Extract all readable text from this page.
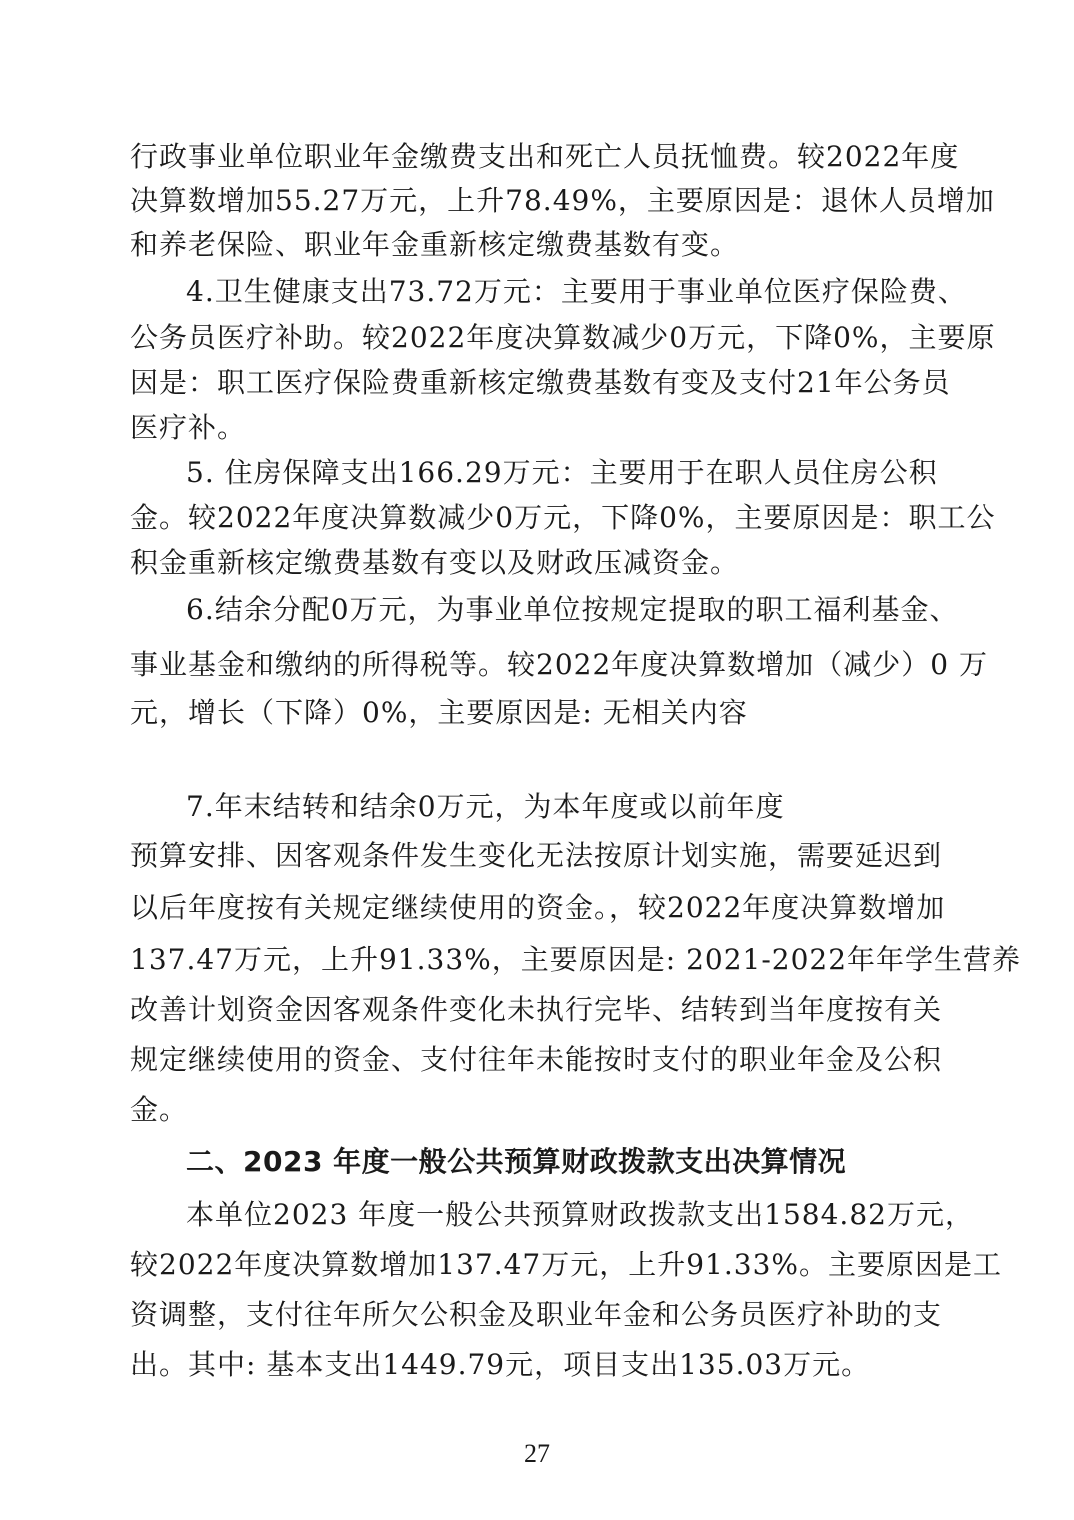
行政事业单位职业年金缴费支出和死亡人员抚恤费。较2022年度
决算数增加55.27万元，上升78.49%，主要原因是：退休人员增加
和养老保险、职业年金重新核定缴费基数有变。
4.卫生健康支出73.72万元：主要用于事业单位医疗保险费、
公务员医疗补助。较2022年度决算数减少0万元，下降0%，主要原
因是：职工医疗保险费重新核定缴费基数有变及支付21年公务员
医疗补。
5. 住房保障支出166.29万元：主要用于在职人员住房公积
金。较2022年度决算数减少0万元，下降0%，主要原因是：职工公
积金重新核定缴费基数有变以及财政压减资金。
6.结余分配0万元，为事业单位按规定提取的职工福利基金、
事业基金和缴纳的所得税等。较2022年度决算数增加（减少）0 万
元，增长（下降）0%，主要原因是: 无相关内容
7.年末结转和结余0万元，为本年度或以前年度
预算安排、因客观条件发生变化无法按原计划实施，需要延迟到
以后年度按有关规定继续使用的资金。，较2022年度决算数增加
137.47万元，上升91.33%，主要原因是: 2021-2022年年学生营养
改善计划资金因客观条件变化未执行完毕、结转到当年度按有关
规定继续使用的资金、支付往年未能按时支付的职业年金及公积
金。
二、2023 年度一般公共预算财政拨款支出决算情况
本单位2023 年度一般公共预算财政拨款支出1584.82万元，
较2022年度决算数增加137.47万元，上升91.33%。主要原因是工
资调整，支付往年所欠公积金及职业年金和公务员医疗补助的支
出。其中: 基本支出1449.79元，项目支出135.03万元。
27
